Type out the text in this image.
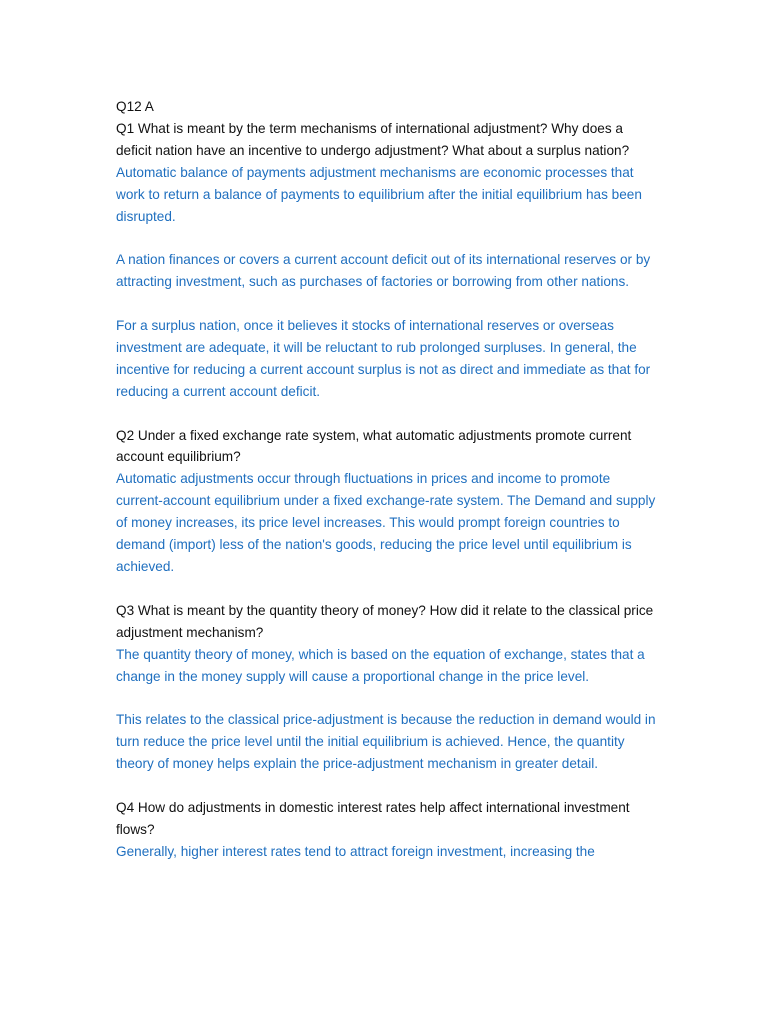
Q12 A

Q1 What is meant by the term mechanisms of international adjustment? Why does a deficit nation have an incentive to undergo adjustment? What about a surplus nation?

Automatic balance of payments adjustment mechanisms are economic processes that work to return a balance of payments to equilibrium after the initial equilibrium has been disrupted.

A nation finances or covers a current account deficit out of its international reserves or by attracting investment, such as purchases of factories or borrowing from other nations.

For a surplus nation, once it believes it stocks of international reserves or overseas investment are adequate, it will be reluctant to rub prolonged surpluses. In general, the incentive for reducing a current account surplus is not as direct and immediate as that for reducing a current account deficit.

Q2 Under a fixed exchange rate system, what automatic adjustments promote current account equilibrium?

Automatic adjustments occur through fluctuations in prices and income to promote current-account equilibrium under a fixed exchange-rate system. The Demand and supply of money increases, its price level increases. This would prompt foreign countries to demand (import) less of the nation's goods, reducing the price level until equilibrium is achieved.

Q3 What is meant by the quantity theory of money? How did it relate to the classical price adjustment mechanism?

The quantity theory of money, which is based on the equation of exchange, states that a change in the money supply will cause a proportional change in the price level.

This relates to the classical price-adjustment is because the reduction in demand would in turn reduce the price level until the initial equilibrium is achieved. Hence, the quantity theory of money helps explain the price-adjustment mechanism in greater detail.

Q4 How do adjustments in domestic interest rates help affect international investment flows?

Generally, higher interest rates tend to attract foreign investment, increasing the
